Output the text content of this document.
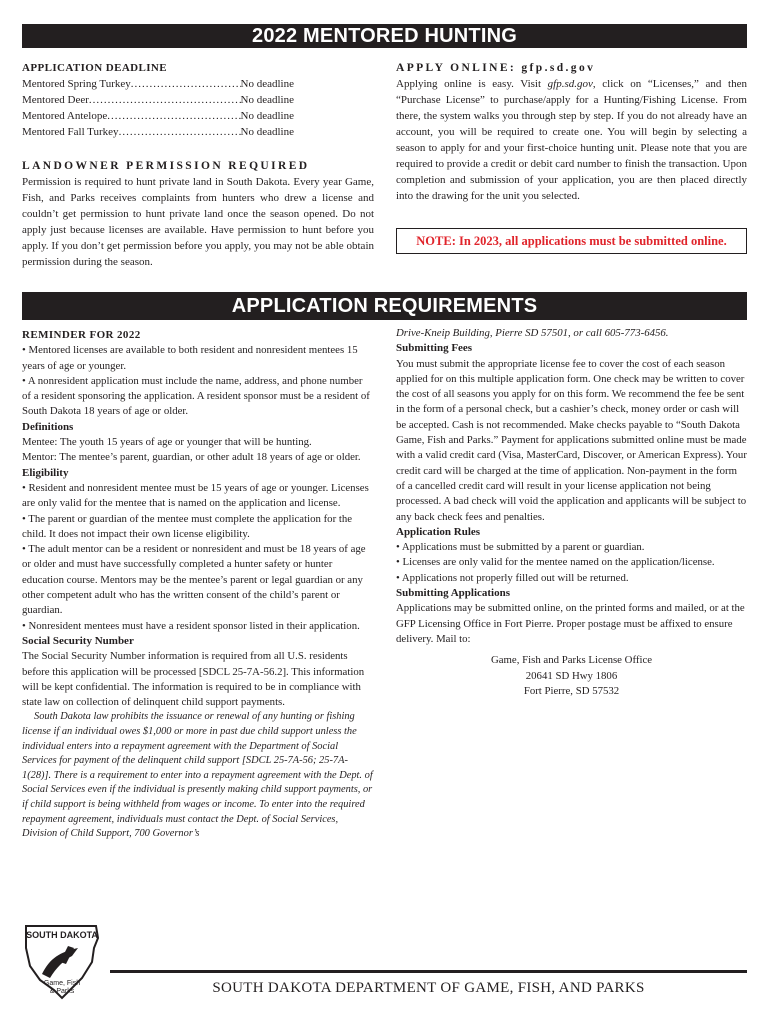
2022 MENTORED HUNTING

APPLICATION DEADLINE

Mentored Spring Turkey .....	No deadline
Mentored Deer .....	No deadline
Mentored Antelope .....	No deadline
Mentored Fall Turkey .....	No deadline

LANDOWNER PERMISSION REQUIRED

Permission is required to hunt private land in South Dakota. Every year Game, Fish, and Parks receives complaints from hunters who drew a license and couldn’t get permission to hunt private land once the season opened. Do not apply just because licenses are available. Have permission to hunt before you apply. If you don’t get permission before you apply, you may not be able obtain permission during the season.

APPLY ONLINE: gfp.sd.gov

Applying online is easy. Visit gfp.sd.gov, click on “Licenses,” and then “Purchase License” to purchase/apply for a Hunting/Fishing License. From there, the system walks you through step by step. If you do not already have an account, you will be required to create one. You will begin by selecting a season to apply for and your first-choice hunting unit. Please note that you are required to provide a credit or debit card number to finish the transaction. Upon completion and submission of your application, you are then placed directly into the drawing for the unit you selected.

NOTE: In 2023, all applications must be submitted online.
APPLICATION REQUIREMENTS

REMINDER FOR 2022

• Mentored licenses are available to both resident and nonresident mentees 15 years of age or younger.

• A nonresident application must include the name, address, and phone number of a resident sponsoring the application. A resident sponsor must be a resident of South Dakota 18 years of age or older.

Definitions

Mentee: The youth 15 years of age or younger that will be hunting.

Mentor: The mentee’s parent, guardian, or other adult 18 years of age or older.

Eligibility

• Resident and nonresident mentee must be 15 years of age or younger. Licenses are only valid for the mentee that is named on the application and license.

• The parent or guardian of the mentee must complete the application for the child. It does not impact their own license eligibility.

• The adult mentor can be a resident or nonresident and must be 18 years of age or older and must have successfully completed a hunter safety or hunter education course. Mentors may be the mentee’s parent or legal guardian or any other competent adult who has the written consent of the child’s parent or guardian.

• Nonresident mentees must have a resident sponsor listed in their application.

Social Security Number

The Social Security Number information is required from all U.S. residents before this application will be processed [SDCL 25-7A-56.2]. This information will be kept confidential. The information is required to be in compliance with state law on collection of delinquent child support payments.

South Dakota law prohibits the issuance or renewal of any hunting or fishing license if an individual owes $1,000 or more in past due child support unless the individual enters into a repayment agreement with the Department of Social Services for payment of the delinquent child support [SDCL 25-7A-56; 25-7A-1(28)]. There is a requirement to enter into a repayment agreement with the Dept. of Social Services even if the individual is presently making child support payments, or if child support is being withheld from wages or income. To enter into the required repayment agreement, individuals must contact the Dept. of Social Services, Division of Child Support, 700 Governor’s

Drive-Kneip Building, Pierre SD 57501, or call 605-773-6456.

Submitting Fees

You must submit the appropriate license fee to cover the cost of each season applied for on this multiple application form. One check may be written to cover the cost of all seasons you apply for on this form. We recommend the fee be sent in the form of a personal check, but a cashier’s check, money order or cash will be accepted. Cash is not recommended. Make checks payable to “South Dakota Game, Fish and Parks.” Payment for applications submitted online must be made with a valid credit card (Visa, MasterCard, Discover, or American Express). Your credit card will be charged at the time of application. Non-payment in the form of a cancelled credit card will result in your license application not being processed. A bad check will void the application and applicants will be subject to any back check fees and penalties.

Application Rules

• Applications must be submitted by a parent or guardian.

• Licenses are only valid for the mentee named on the application/license.

• Applications not properly filled out will be returned.

Submitting Applications

Applications may be submitted online, on the printed forms and mailed, or at the GFP Licensing Office in Fort Pierre. Proper postage must be affixed to ensure delivery. Mail to:

Game, Fish and Parks License Office

20641 SD Hwy 1806

Fort Pierre, SD 57532

SOUTH DAKOTA
Game, Fish
& Parks	SOUTH DAKOTA DEPARTMENT OF GAME, FISH, AND PARKS
